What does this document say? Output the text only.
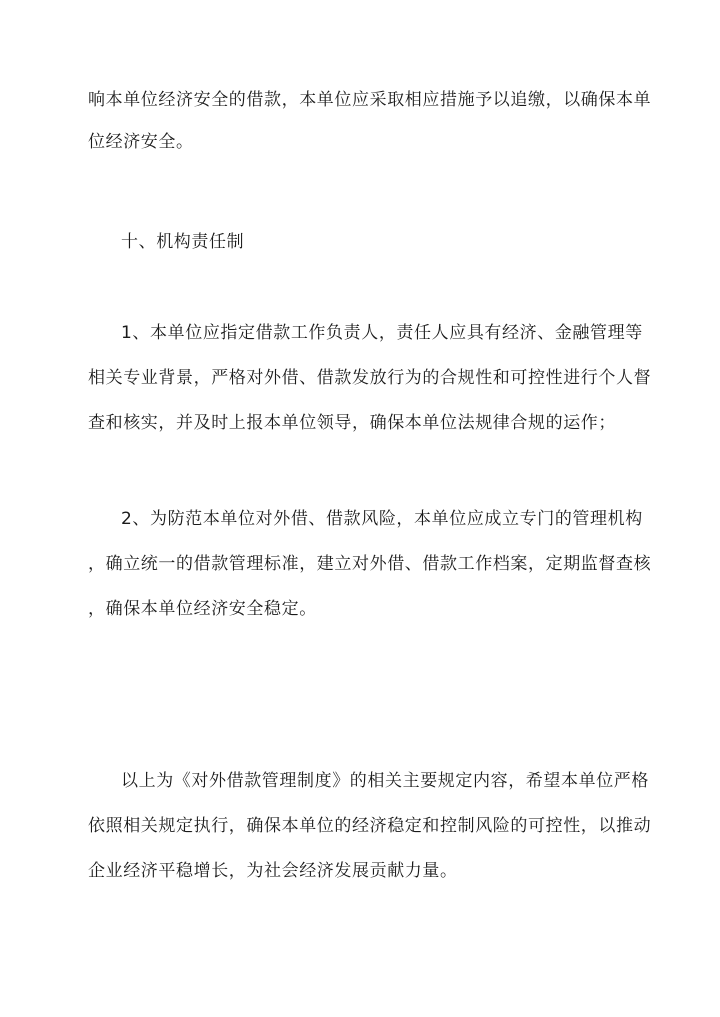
响本单位经济安全的借款，本单位应采取相应措施予以追缴，以确保本单
位经济安全。
十、机构责任制
1、本单位应指定借款工作负责人，责任人应具有经济、金融管理等
相关专业背景，严格对外借、借款发放行为的合规性和可控性进行个人督
查和核实，并及时上报本单位领导，确保本单位法规律合规的运作；
2、为防范本单位对外借、借款风险，本单位应成立专门的管理机构
，确立统一的借款管理标准，建立对外借、借款工作档案，定期监督查核
，确保本单位经济安全稳定。
以上为《对外借款管理制度》的相关主要规定内容，希望本单位严格
依照相关规定执行，确保本单位的经济稳定和控制风险的可控性，以推动
企业经济平稳增长，为社会经济发展贡献力量。
